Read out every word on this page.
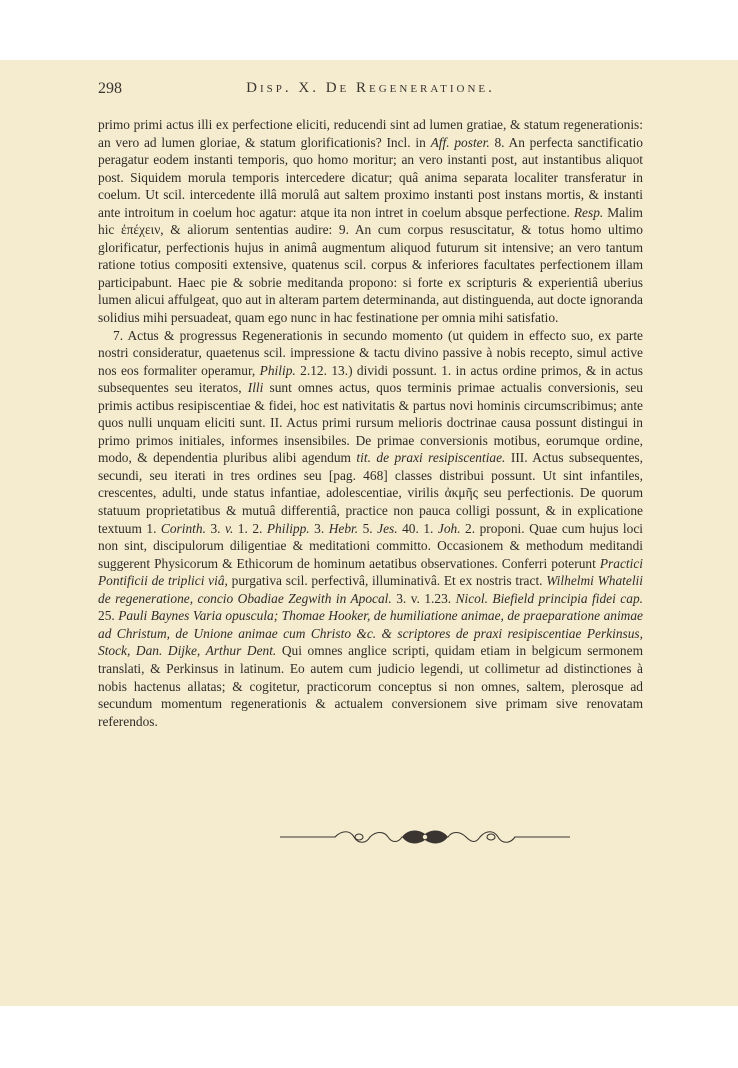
298	Disp. X. De Regeneratione.

primo primi actus illi ex perfectione eliciti, reducendi sint ad lumen gratiae, & statum regenerationis: an vero ad lumen gloriae, & statum glorificationis? Incl. in Aff. poster. 8. An perfecta sanctificatio peragatur eodem instanti temporis, quo homo moritur; an vero instanti post, aut instantibus aliquot post. Siquidem morula temporis intercedere dicatur; quâ anima separata localiter transferatur in coelum. Ut scil. intercedente illâ morulâ aut saltem proximo instanti post instans mortis, & instanti ante introitum in coelum hoc agatur: atque ita non intret in coelum absque perfectione. Resp. Malim hic ἐπέχειν, & aliorum sententias audire: 9. An cum corpus resuscitatur, & totus homo ultimo glorificatur, perfectionis hujus in animâ augmentum aliquod futurum sit intensive; an vero tantum ratione totius compositi extensive, quatenus scil. corpus & inferiores facultates perfectionem illam participabunt. Haec pie & sobrie meditanda propono: si forte ex scripturis & experientiâ uberius lumen alicui affulgeat, quo aut in alteram partem determinanda, aut distinguenda, aut docte ignoranda solidius mihi persuadeat, quam ego nunc in hac festinatione per omnia mihi satisfatio.

7. Actus & progressus Regenerationis in secundo momento (ut quidem in effecto suo, ex parte nostri consideratur, quaetenus scil. impressione & tactu divino passive à nobis recepto, simul active nos eos formaliter operamur, Philip. 2.12. 13.) dividi possunt. 1. in actus ordine primos, & in actus subsequentes seu iteratos, Illi sunt omnes actus, quos terminis primae actualis conversionis, seu primis actibus resipiscentiae & fidei, hoc est nativitatis & partus novi hominis circumscribimus; ante quos nulli unquam eliciti sunt. II. Actus primi rursum melioris doctrinae causa possunt distingui in primo primos initiales, informes insensibiles. De primae conversionis motibus, eorumque ordine, modo, & dependentia pluribus alibi agendum tit. de praxi resipiscentiae. III. Actus subsequentes, secundi, seu iterati in tres ordines seu [pag. 468] classes distribui possunt. Ut sint infantiles, crescentes, adulti, unde status infantiae, adolescentiae, virilis ἀκμῆς seu perfectionis. De quorum statuum proprietatibus & mutuâ differentiâ, practice non pauca colligi possunt, & in explicatione textuum 1. Corinth. 3. v. 1. 2. Philipp. 3. Hebr. 5. Jes. 40. 1. Joh. 2. proponi. Quae cum hujus loci non sint, discipulorum diligentiae & meditationi committo. Occasionem & methodum meditandi suggerent Physicorum & Ethicorum de hominum aetatibus observationes. Conferri poterunt Practici Pontificii de triplici viâ, purgativa scil. perfectivâ, illuminativâ. Et ex nostris tract. Wilhelmi Whatelii de regeneratione, concio Obadiae Zegwith in Apocal. 3. v. 1.23. Nicol. Biefield principia fidei cap. 25. Pauli Baynes Varia opuscula; Thomae Hooker, de humiliatione animae, de praeparatione animae ad Christum, de Unione animae cum Christo &c. & scriptores de praxi resipiscentiae Perkinsus, Stock, Dan. Dijke, Arthur Dent. Qui omnes anglice scripti, quidam etiam in belgicum sermonem translati, & Perkinsus in latinum. Eo autem cum judicio legendi, ut collimetur ad distinctiones à nobis hactenus allatas; & cogitetur, practicorum conceptus si non omnes, saltem, plerosque ad secundum momentum regenerationis & actualem conversionem sive primam sive renovatam referendos.
